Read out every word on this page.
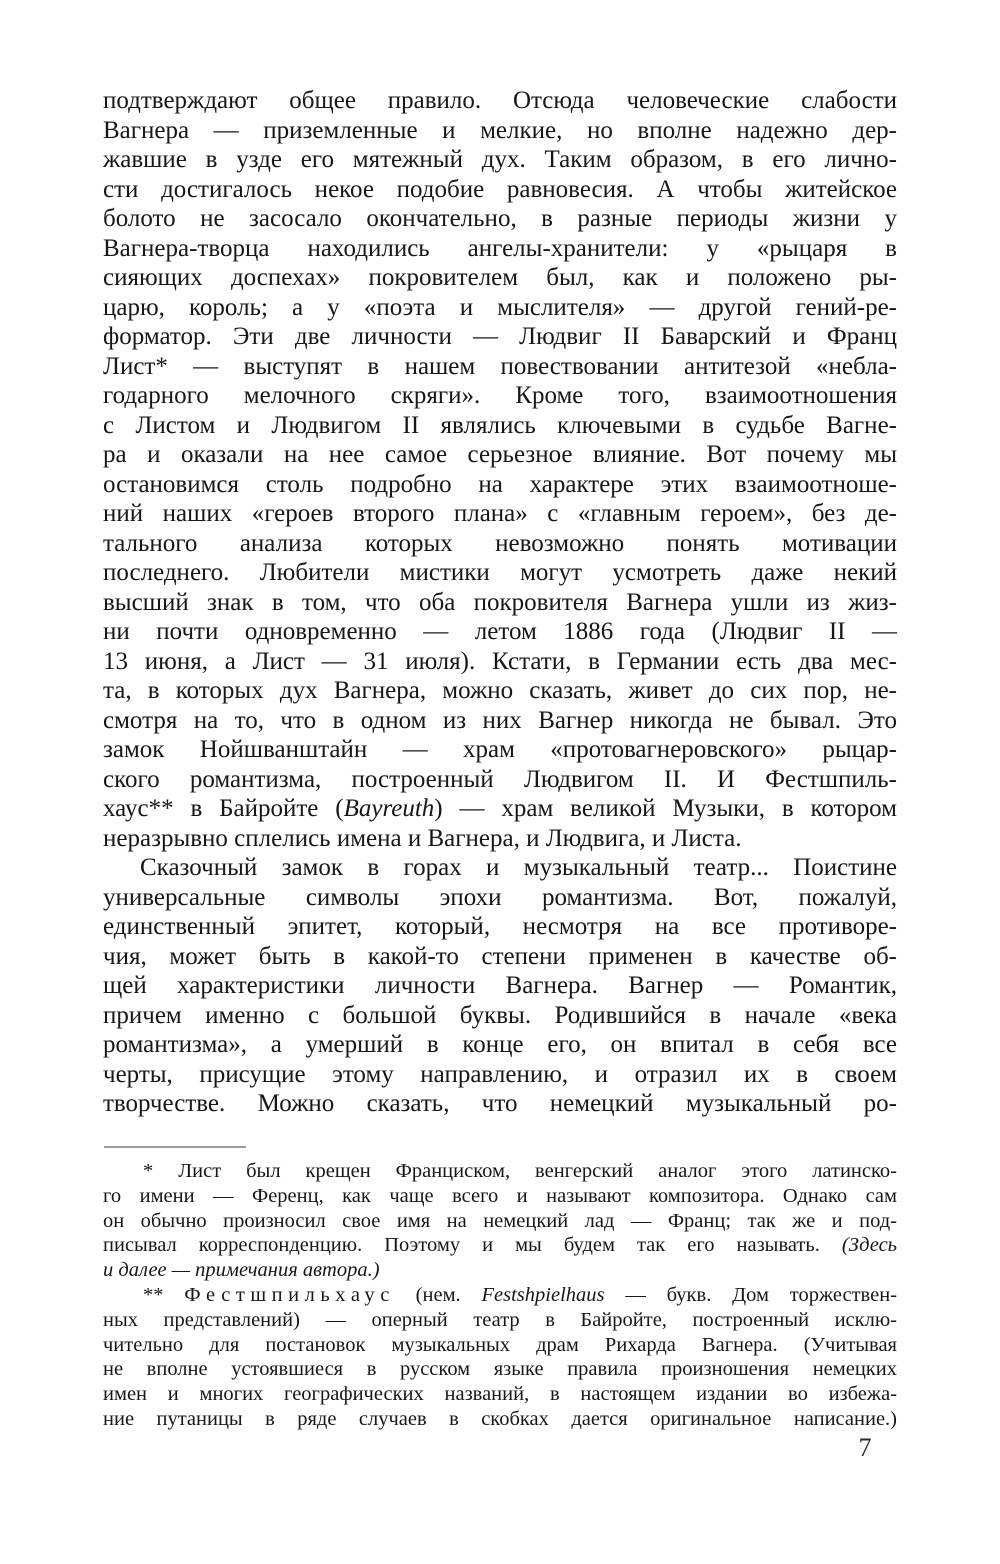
подтверждают общее правило. Отсюда человеческие слабости
Вагнера — приземленные и мелкие, но вполне надежно дер-
жавшие в узде его мятежный дух. Таким образом, в его лично-
сти достигалось некое подобие равновесия. А чтобы житейское
болото не засосало окончательно, в разные периоды жизни у
Вагнера-творца находились ангелы-хранители: у «рыцаря в
сияющих доспехах» покровителем был, как и положено ры-
царю, король; а у «поэта и мыслителя» — другой гений-ре-
форматор. Эти две личности — Людвиг II Баварский и Франц
Лист* — выступят в нашем повествовании антитезой «небла-
годарного мелочного скряги». Кроме того, взаимоотношения
с Листом и Людвигом II являлись ключевыми в судьбе Вагне-
ра и оказали на нее самое серьезное влияние. Вот почему мы
остановимся столь подробно на характере этих взаимоотноше-
ний наших «героев второго плана» с «главным героем», без де-
тального анализа которых невозможно понять мотивации
последнего. Любители мистики могут усмотреть даже некий
высший знак в том, что оба покровителя Вагнера ушли из жиз-
ни почти одновременно — летом 1886 года (Людвиг II —
13 июня, а Лист — 31 июля). Кстати, в Германии есть два мес-
та, в которых дух Вагнера, можно сказать, живет до сих пор, не-
смотря на то, что в одном из них Вагнер никогда не бывал. Это
замок Нойшванштайн — храм «протовагнеровского» рыцар-
ского романтизма, построенный Людвигом II. И Фестшпиль-
хаус** в Байройте (Bayreuth) — храм великой Музыки, в котором
неразрывно сплелись имена и Вагнера, и Людвига, и Листа.
Сказочный замок в горах и музыкальный театр... Поистине
универсальные символы эпохи романтизма. Вот, пожалуй,
единственный эпитет, который, несмотря на все противоре-
чия, может быть в какой-то степени применен в качестве об-
щей характеристики личности Вагнера. Вагнер — Романтик,
причем именно с большой буквы. Родившийся в начале «века
романтизма», а умерший в конце его, он впитал в себя все
черты, присущие этому направлению, и отразил их в своем
творчестве. Можно сказать, что немецкий музыкальный ро-
* Лист был крещен Франциском, венгерский аналог этого латинско-
го имени — Ференц, как чаще всего и называют композитора. Однако сам
он обычно произносил свое имя на немецкий лад — Франц; так же и под-
писывал корреспонденцию. Поэтому и мы будем так его называть. (Здесь
и далее — примечания автора.)
** Фестшпильхаус (нем. Festshpielhaus — букв. Дом торжествен-
ных представлений) — оперный театр в Байройте, построенный исклю-
чительно для постановок музыкальных драм Рихарда Вагнера. (Учитывая
не вполне устоявшиеся в русском языке правила произношения немецких
имен и многих географических названий, в настоящем издании во избежа-
ние путаницы в ряде случаев в скобках дается оригинальное написание.)
7
